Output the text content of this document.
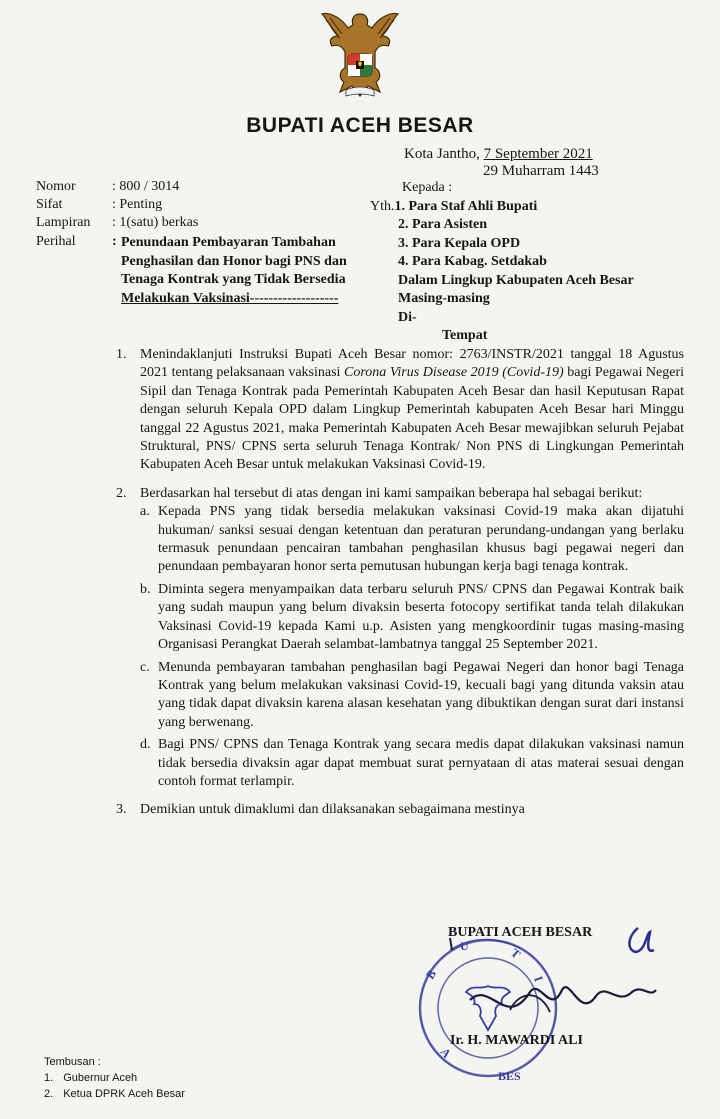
BUPATI ACEH BESAR
Kota Jantho, 7 September 2021
29 Muharram 1443
Nomor	: 800 / 3014
Sifat	: Penting
Lampiran : 1(satu) berkas
Perihal	: Penundaan Pembayaran Tambahan
Penghasilan dan Honor bagi PNS dan
Tenaga Kontrak yang Tidak Bersedia
Melakukan Vaksinasi-------------------
Kepada :
Yth.1. Para Staf Ahli Bupati
2. Para Asisten
3. Para Kepala OPD
4. Para Kabag. Setdakab
Dalam Lingkup Kabupaten Aceh Besar
Masing-masing
Di-
Tempat
1. Menindaklanjuti Instruksi Bupati Aceh Besar nomor: 2763/INSTR/2021 tanggal 18 Agustus 2021 tentang pelaksanaan vaksinasi Corona Virus Disease 2019 (Covid-19) bagi Pegawai Negeri Sipil dan Tenaga Kontrak pada Pemerintah Kabupaten Aceh Besar dan hasil Keputusan Rapat dengan seluruh Kepala OPD dalam Lingkup Pemerintah kabupaten Aceh Besar hari Minggu tanggal 22 Agustus 2021, maka Pemerintah Kabupaten Aceh Besar mewajibkan seluruh Pejabat Struktural, PNS/ CPNS serta seluruh Tenaga Kontrak/ Non PNS di Lingkungan Pemerintah Kabupaten Aceh Besar untuk melakukan Vaksinasi Covid-19.
2. Berdasarkan hal tersebut di atas dengan ini kami sampaikan beberapa hal sebagai berikut:
a. Kepada PNS yang tidak bersedia melakukan vaksinasi Covid-19 maka akan dijatuhi hukuman/ sanksi sesuai dengan ketentuan dan peraturan perundang-undangan yang berlaku termasuk penundaan pencairan tambahan penghasilan khusus bagi pegawai negeri dan penundaan pembayaran honor serta pemutusan hubungan kerja bagi tenaga kontrak.
b. Diminta segera menyampaikan data terbaru seluruh PNS/ CPNS dan Pegawai Kontrak baik yang sudah maupun yang belum divaksin beserta fotocopy sertifikat tanda telah dilakukan Vaksinasi Covid-19 kepada Kami u.p. Asisten yang mengkoordinir tugas masing-masing Organisasi Perangkat Daerah selambat-lambatnya tanggal 25 September 2021.
c. Menunda pembayaran tambahan penghasilan bagi Pegawai Negeri dan honor bagi Tenaga Kontrak yang belum melakukan vaksinasi Covid-19, kecuali bagi yang ditunda vaksin atau yang tidak dapat divaksin karena alasan kesehatan yang dibuktikan dengan surat dari instansi yang berwenang.
d. Bagi PNS/ CPNS dan Tenaga Kontrak yang secara medis dapat dilakukan vaksinasi namun tidak bersedia divaksin agar dapat membuat surat pernyataan di atas materai sesuai dengan contoh format terlampir.
3. Demikian untuk dimaklumi dan dilaksanakan sebagaimana mestinya
B
U	T
I
A
BES
BUPATI ACEH BESAR
Ir. H. MAWARDI ALI
Tembusan :
1. Gubernur Aceh
2. Ketua DPRK Aceh Besar
